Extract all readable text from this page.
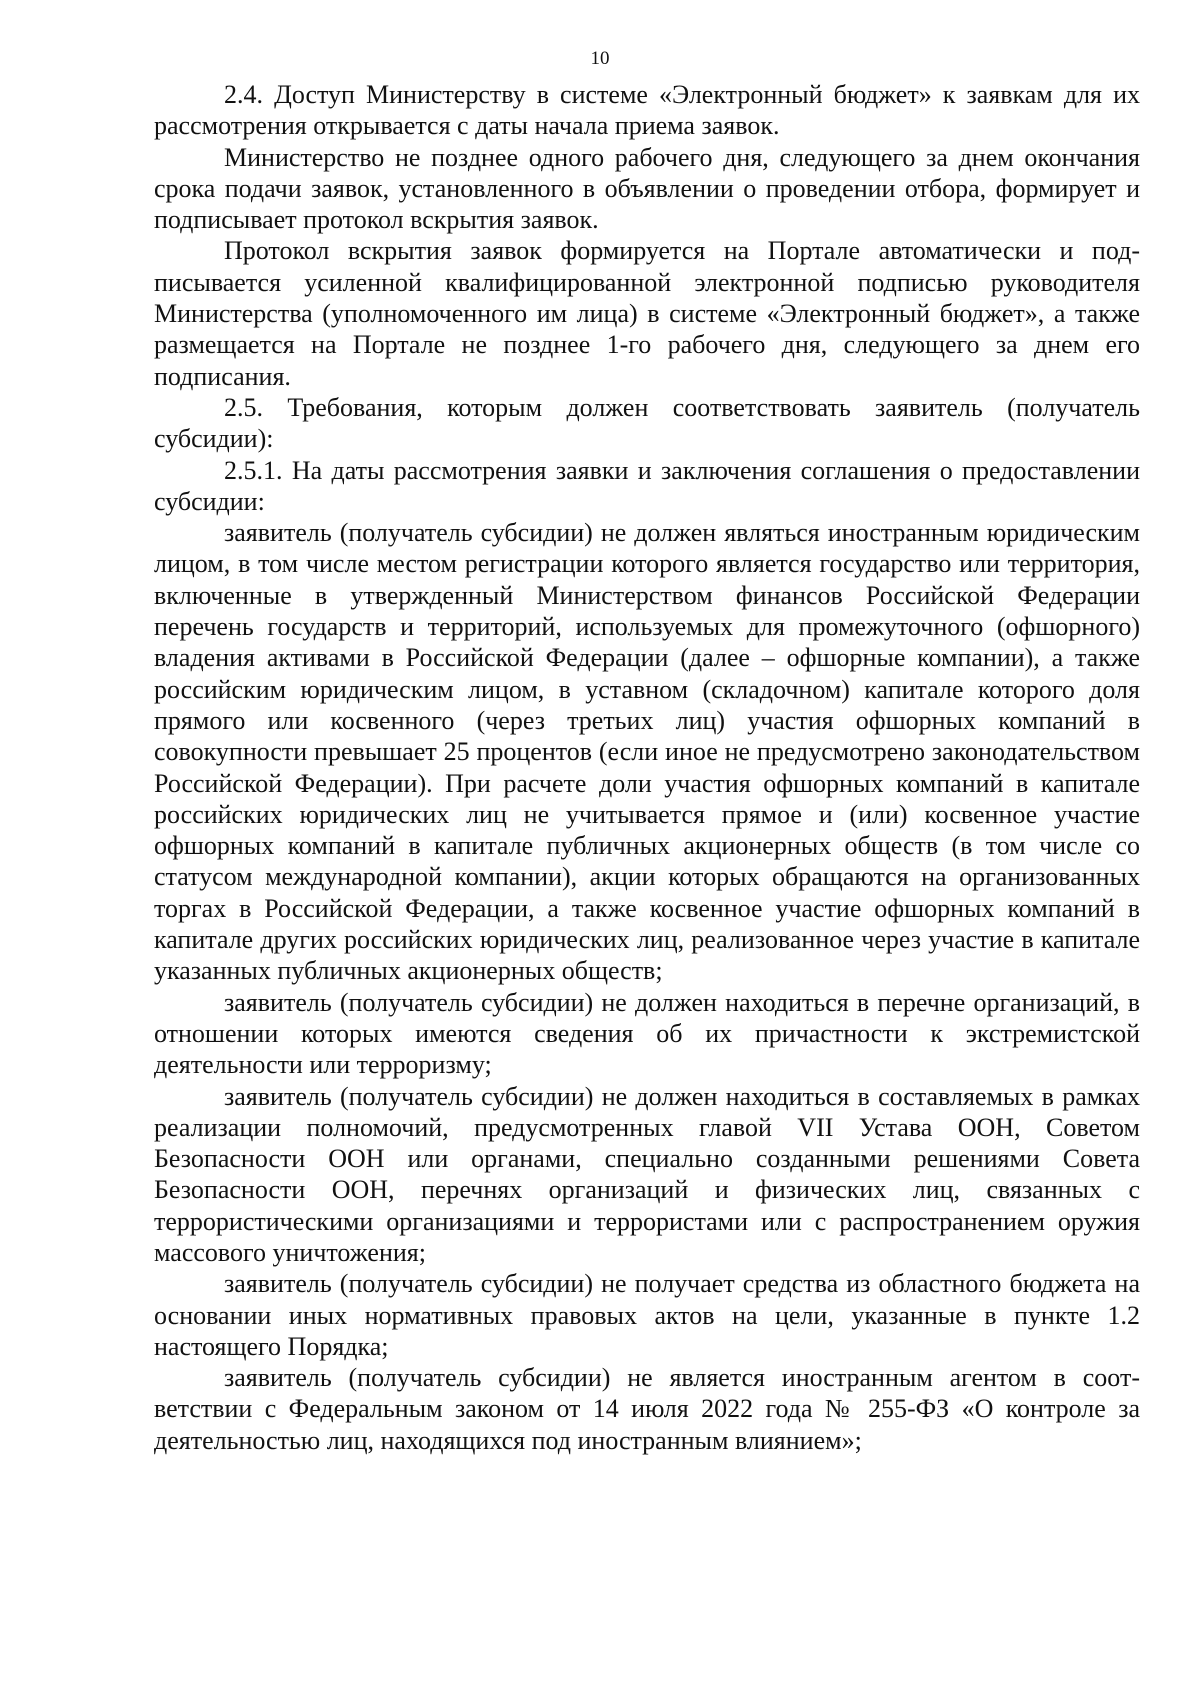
10

2.4. Доступ Министерству в системе «Электронный бюджет» к заявкам для их рассмотрения открывается с даты начала приема заявок.

Министерство не позднее одного рабочего дня, следующего за днем окончания срока подачи заявок, установленного в объявлении о проведении отбора, формирует и подписывает протокол вскрытия заявок.

Протокол вскрытия заявок формируется на Портале автоматически и подписывается усиленной квалифицированной электронной подписью руководителя Министерства (уполномоченного им лица) в системе «Электронный бюджет», а также размещается на Портале не позднее 1-го рабочего дня, следующего за днем его подписания.

2.5. Требования, которым должен соответствовать заявитель (получатель субсидии):

2.5.1. На даты рассмотрения заявки и заключения соглашения о предоставлении субсидии:

заявитель (получатель субсидии) не должен являться иностранным юридическим лицом, в том числе местом регистрации которого является государство или территория, включенные в утвержденный Министерством финансов Российской Федерации перечень государств и территорий, используемых для промежуточного (офшорного) владения активами в Российской Федерации (далее – офшорные компании), а также российским юридическим лицом, в уставном (складочном) капитале которого доля прямого или косвенного (через третьих лиц) участия офшорных компаний в совокупности превышает 25 процентов (если иное не предусмотрено законодательством Российской Федерации). При расчете доли участия офшорных компаний в капитале российских юридических лиц не учитывается прямое и (или) косвенное участие офшорных компаний в капитале публичных акционерных обществ (в том числе со статусом международной компании), акции которых обращаются на организованных торгах в Российской Федерации, а также косвенное участие офшорных компаний в капитале других российских юридических лиц, реализованное через участие в капитале указанных публичных акционерных обществ;

заявитель (получатель субсидии) не должен находиться в перечне организаций, в отношении которых имеются сведения об их причастности к экстремистской деятельности или терроризму;

заявитель (получатель субсидии) не должен находиться в составляемых в рамках реализации полномочий, предусмотренных главой VII Устава ООН, Советом Безопасности ООН или органами, специально созданными решениями Совета Безопасности ООН, перечнях организаций и физических лиц, связанных с террористическими организациями и террористами или с распространением оружия массового уничтожения;

заявитель (получатель субсидии) не получает средства из областного бюджета на основании иных нормативных правовых актов на цели, указанные в пункте 1.2 настоящего Порядка;

заявитель (получатель субсидии) не является иностранным агентом в соответствии с Федеральным законом от 14 июля 2022 года № 255-ФЗ «О контроле за деятельностью лиц, находящихся под иностранным влиянием»;
